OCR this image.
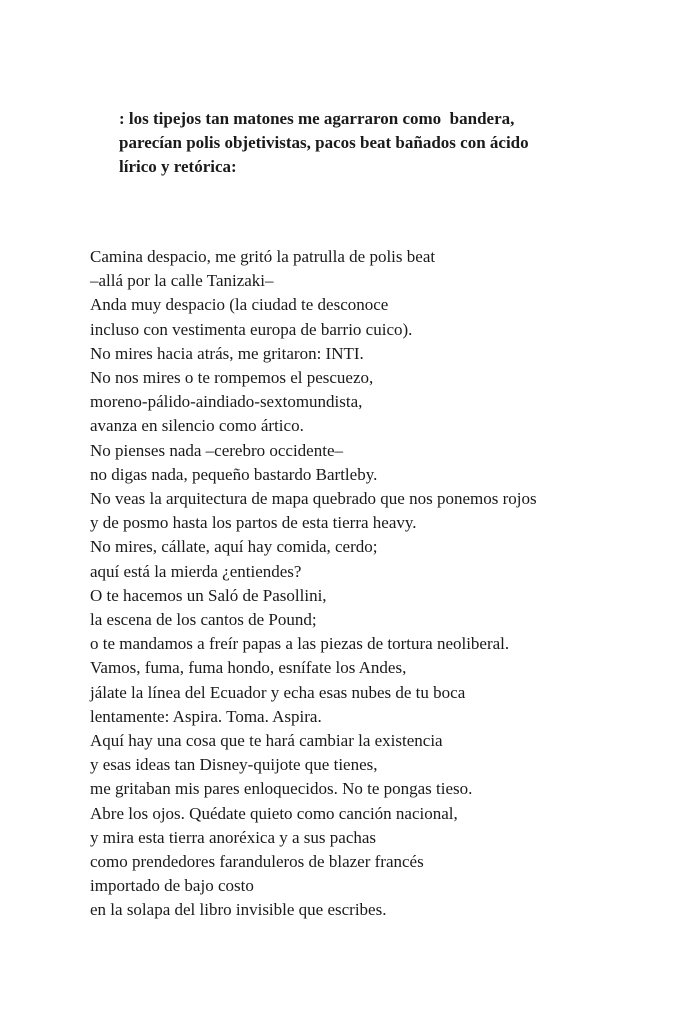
: los tipejos tan matones me agarraron como  bandera,
parecían polis objetivistas, pacos beat bañados con ácido
lírico y retórica:
Camina despacio, me gritó la patrulla de polis beat
–allá por la calle Tanizaki–
Anda muy despacio (la ciudad te desconoce
incluso con vestimenta europa de barrio cuico).
No mires hacia atrás, me gritaron: INTI.
No nos mires o te rompemos el pescuezo,
moreno-pálido-aindiado-sextomundista,
avanza en silencio como ártico.
No pienses nada –cerebro occidente–
no digas nada, pequeño bastardo Bartleby.
No veas la arquitectura de mapa quebrado que nos ponemos rojos
y de posmo hasta los partos de esta tierra heavy.
No mires, cállate, aquí hay comida, cerdo;
aquí está la mierda ¿entiendes?
O te hacemos un Saló de Pasollini,
la escena de los cantos de Pound;
o te mandamos a freír papas a las piezas de tortura neoliberal.
Vamos, fuma, fuma hondo, esnífate los Andes,
jálate la línea del Ecuador y echa esas nubes de tu boca
lentamente: Aspira. Toma. Aspira.
Aquí hay una cosa que te hará cambiar la existencia
y esas ideas tan Disney-quijote que tienes,
me gritaban mis pares enloquecidos. No te pongas tieso.
Abre los ojos. Quédate quieto como canción nacional,
y mira esta tierra anoréxica y a sus pachas
como prendedores faranduleros de blazer francés
importado de bajo costo
en la solapa del libro invisible que escribes.
